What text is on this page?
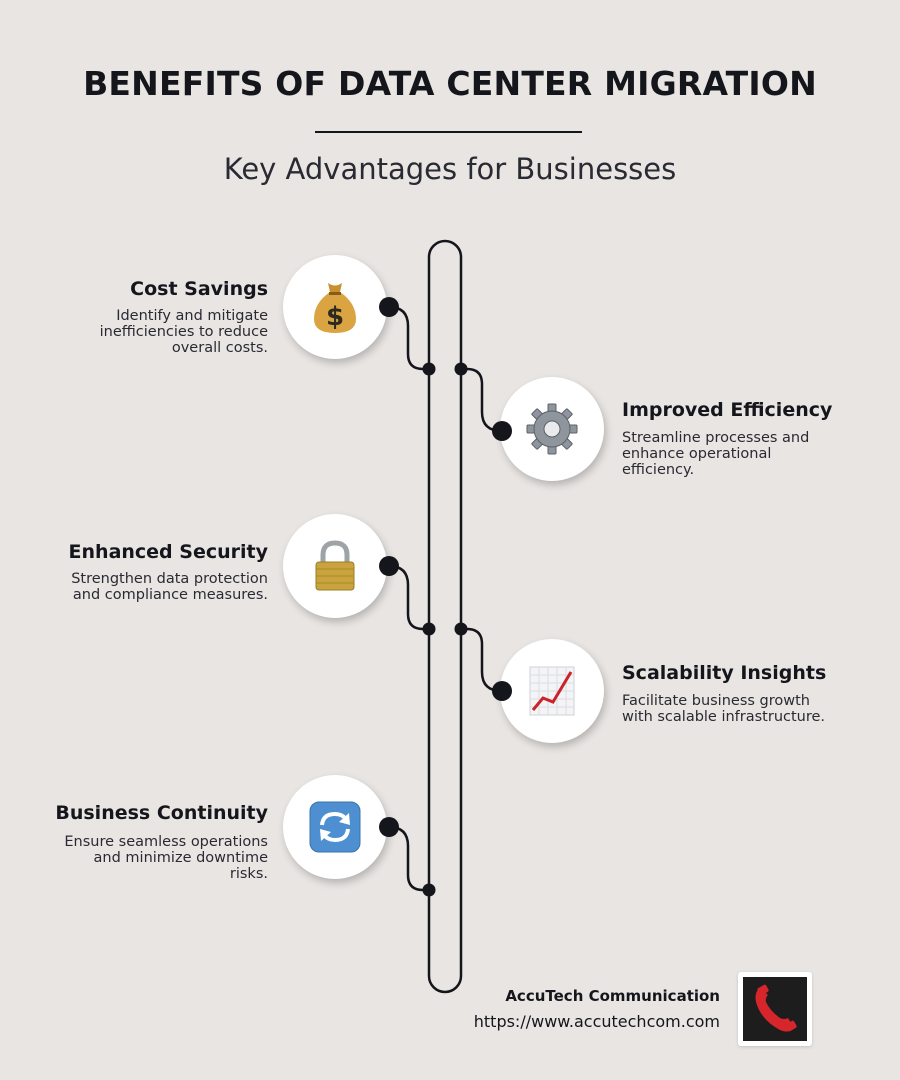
BENEFITS OF DATA CENTER MIGRATION
Key Advantages for Businesses
$
Cost Savings
Identify and mitigate inefficiencies to reduce overall costs.
Improved Efficiency
Streamline processes and enhance operational efficiency.
Enhanced Security
Strengthen data protection and compliance measures.
Scalability Insights
Facilitate business growth with scalable infrastructure.
Business Continuity
Ensure seamless operations and minimize downtime risks.
AccuTech Communication
https://www.accutechcom.com
